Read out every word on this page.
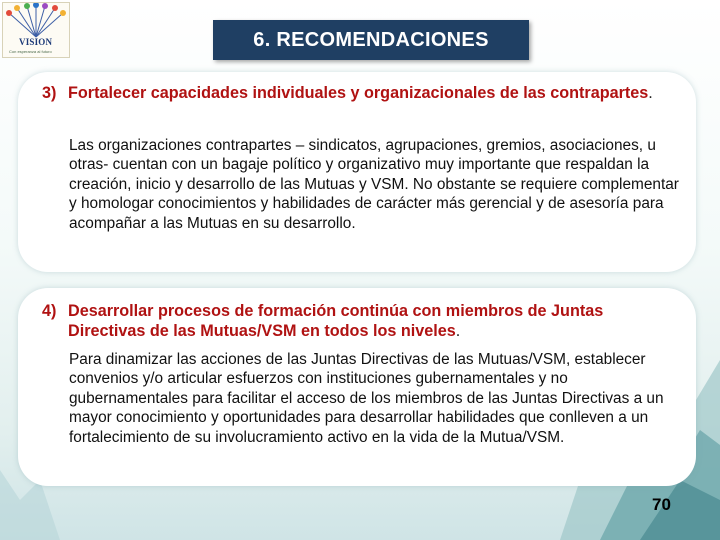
VISION
Con esperanza al futuro
6. RECOMENDACIONES
3) Fortalecer capacidades individuales y organizacionales de las contrapartes.
Las organizaciones contrapartes – sindicatos, agrupaciones, gremios, asociaciones, u otras- cuentan con un bagaje político y organizativo muy importante que respaldan la creación, inicio y desarrollo de las Mutuas y VSM. No obstante se requiere complementar y homologar conocimientos y habilidades de carácter más gerencial y de asesoría para acompañar a las Mutuas en su desarrollo.
4) Desarrollar procesos de formación continúa con miembros de Juntas Directivas de las Mutuas/VSM en todos los niveles.
Para dinamizar las acciones de las Juntas Directivas de las Mutuas/VSM, establecer convenios y/o articular esfuerzos con instituciones gubernamentales y no gubernamentales para facilitar el acceso de los miembros de las Juntas Directivas a un mayor conocimiento y oportunidades para desarrollar habilidades que conlleven a un fortalecimiento de su involucramiento activo en la vida de la Mutua/VSM.
70
